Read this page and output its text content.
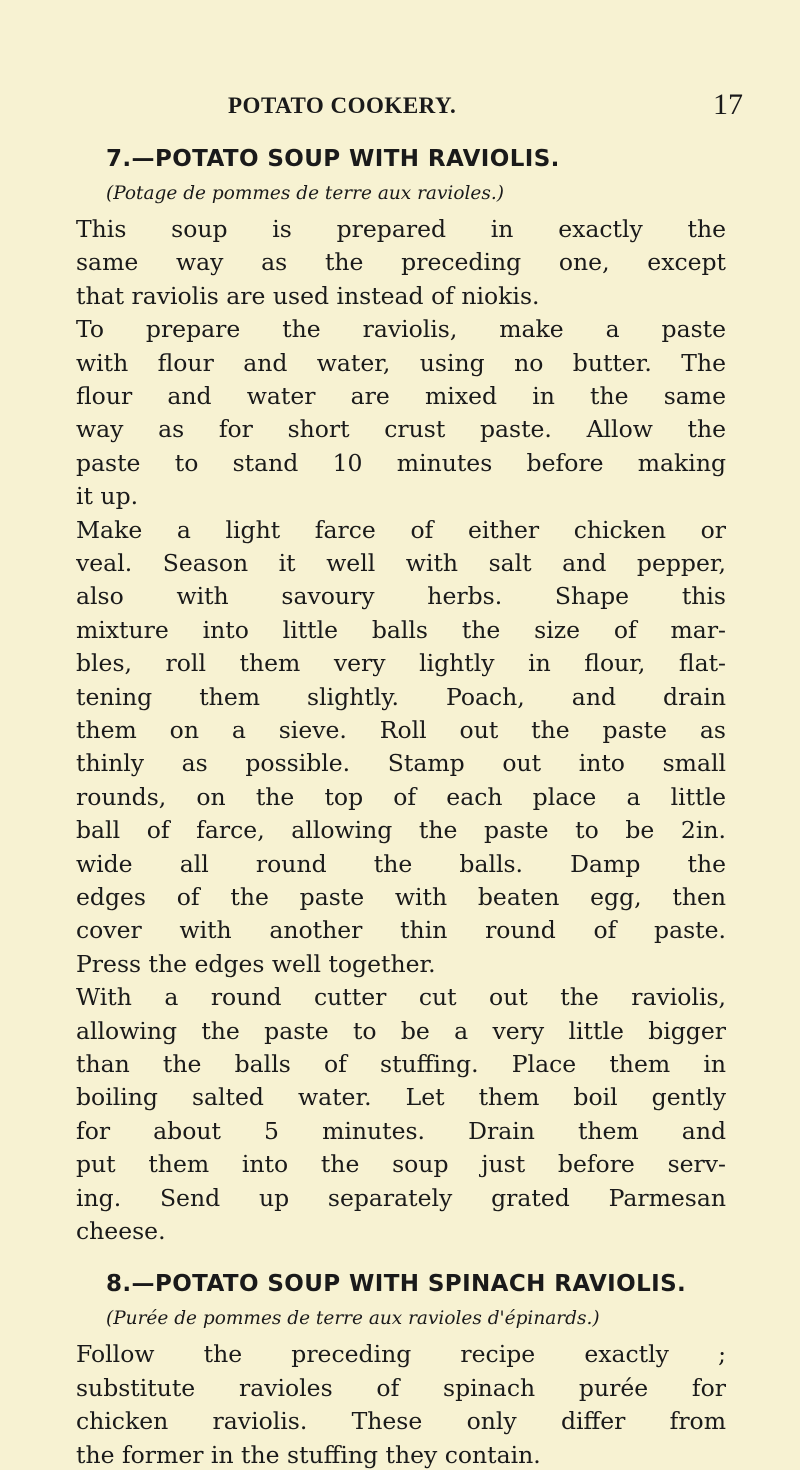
POTATO COOKERY.	17
7.—POTATO SOUP WITH RAVIOLIS.
(Potage de pommes de terre aux ravioles.)
This soup is prepared in exactly the
same way as the preceding one, except
that raviolis are used instead of niokis.
To prepare the raviolis, make a paste
with flour and water, using no butter. The
flour and water are mixed in the same
way as for short crust paste. Allow the
paste to stand 10 minutes before making
it up.
Make a light farce of either chicken or
veal. Season it well with salt and pepper,
also with savoury herbs. Shape this
mixture into little balls the size of mar-
bles, roll them very lightly in flour, flat-
tening them slightly. Poach, and drain
them on a sieve. Roll out the paste as
thinly as possible. Stamp out into small
rounds, on the top of each place a little
ball of farce, allowing the paste to be 2in.
wide all round the balls. Damp the
edges of the paste with beaten egg, then
cover with another thin round of paste.
Press the edges well together.
With a round cutter cut out the raviolis,
allowing the paste to be a very little bigger
than the balls of stuffing. Place them in
boiling salted water. Let them boil gently
for about 5 minutes. Drain them and
put them into the soup just before serv-
ing. Send up separately grated Parmesan
cheese.
8.—POTATO SOUP WITH SPINACH RAVIOLIS.
(Purée de pommes de terre aux ravioles d'épinards.)
Follow the preceding recipe exactly ;
substitute ravioles of spinach purée for
chicken raviolis. These only differ from
the former in the stuffing they contain.
